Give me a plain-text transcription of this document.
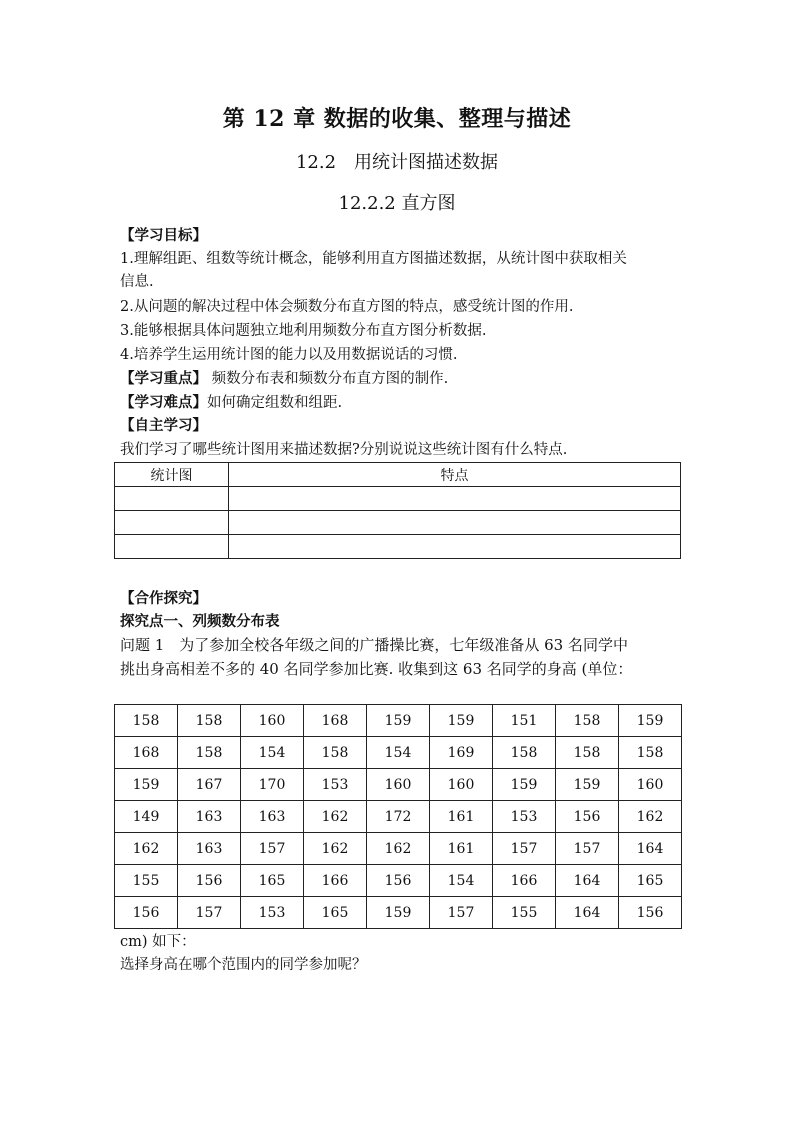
第 12 章 数据的收集、整理与描述
12.2　用统计图描述数据
12.2.2 直方图
【学习目标】
1.理解组距、组数等统计概念，能够利用直方图描述数据，从统计图中获取相关
信息.
2.从问题的解决过程中体会频数分布直方图的特点，感受统计图的作用.
3.能够根据具体问题独立地利用频数分布直方图分析数据.
4.培养学生运用统计图的能力以及用数据说话的习惯.
【学习重点】 频数分布表和频数分布直方图的制作.
【学习难点】如何确定组数和组距.
【自主学习】
我们学习了哪些统计图用来描述数据?分别说说这些统计图有什么特点.
统计图	特点

【合作探究】
探究点一、列频数分布表
问题 1　为了参加全校各年级之间的广播操比赛，七年级准备从 63 名同学中
挑出身高相差不多的 40 名同学参加比赛. 收集到这 63 名同学的身高 (单位：
158	158	160	168	159	159	151	158	159
168	158	154	158	154	169	158	158	158
159	167	170	153	160	160	159	159	160
149	163	163	162	172	161	153	156	162
162	163	157	162	162	161	157	157	164
155	156	165	166	156	154	166	164	165
156	157	153	165	159	157	155	164	156
cm) 如下：
选择身高在哪个范围内的同学参加呢？
